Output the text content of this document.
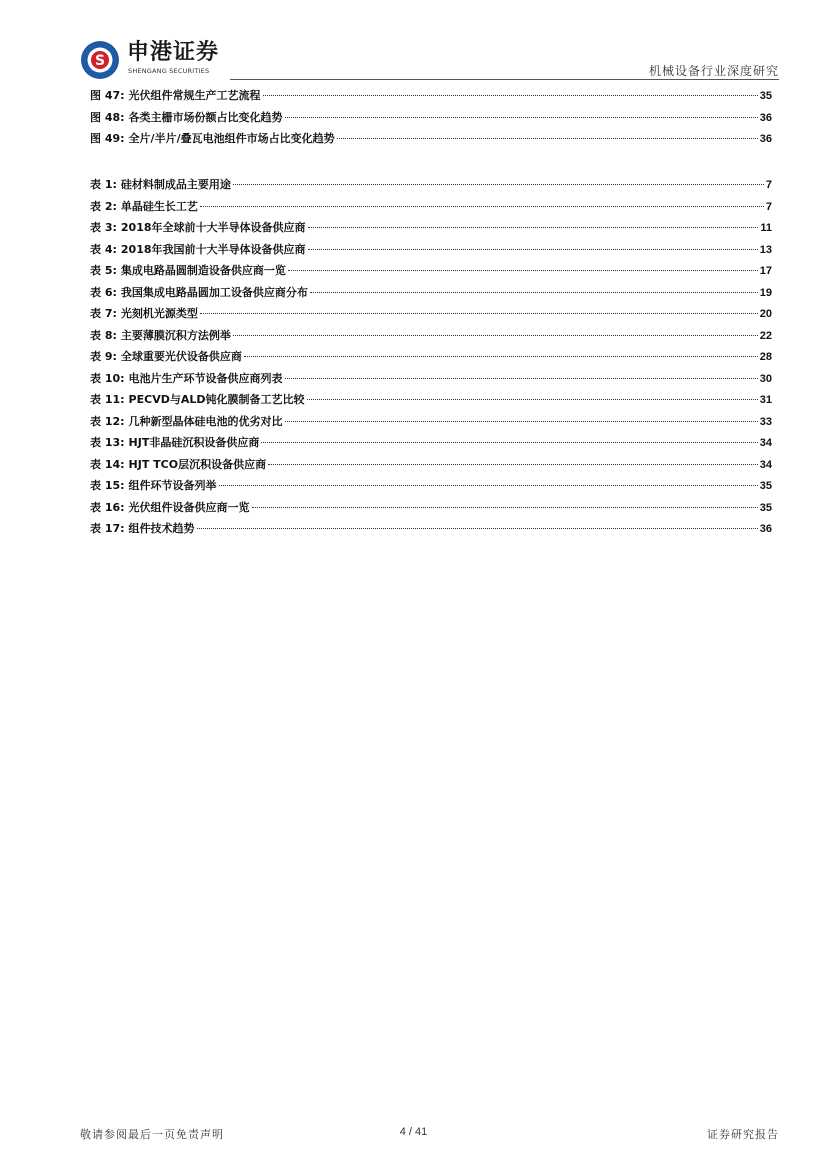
S 申港证券
SHENGANG SECURITIES	机械设备行业深度研究
图 47: 光伏组件常规生产工艺流程	35
图 48: 各类主栅市场份额占比变化趋势	36
图 49: 全片/半片/叠瓦电池组件市场占比变化趋势	36
表 1: 硅材料制成品主要用途	7
表 2: 单晶硅生长工艺	7
表 3: 2018年全球前十大半导体设备供应商	11
表 4: 2018年我国前十大半导体设备供应商	13
表 5: 集成电路晶圆制造设备供应商一览	17
表 6: 我国集成电路晶圆加工设备供应商分布	19
表 7: 光刻机光源类型	20
表 8: 主要薄膜沉积方法例举	22
表 9: 全球重要光伏设备供应商	28
表 10: 电池片生产环节设备供应商列表	30
表 11: PECVD与ALD钝化膜制备工艺比较	31
表 12: 几种新型晶体硅电池的优劣对比	33
表 13: HJT非晶硅沉积设备供应商	34
表 14: HJT TCO层沉积设备供应商	34
表 15: 组件环节设备列举	35
表 16: 光伏组件设备供应商一览	35
表 17: 组件技术趋势	36
敬请参阅最后一页免责声明	4 / 41	证券研究报告
